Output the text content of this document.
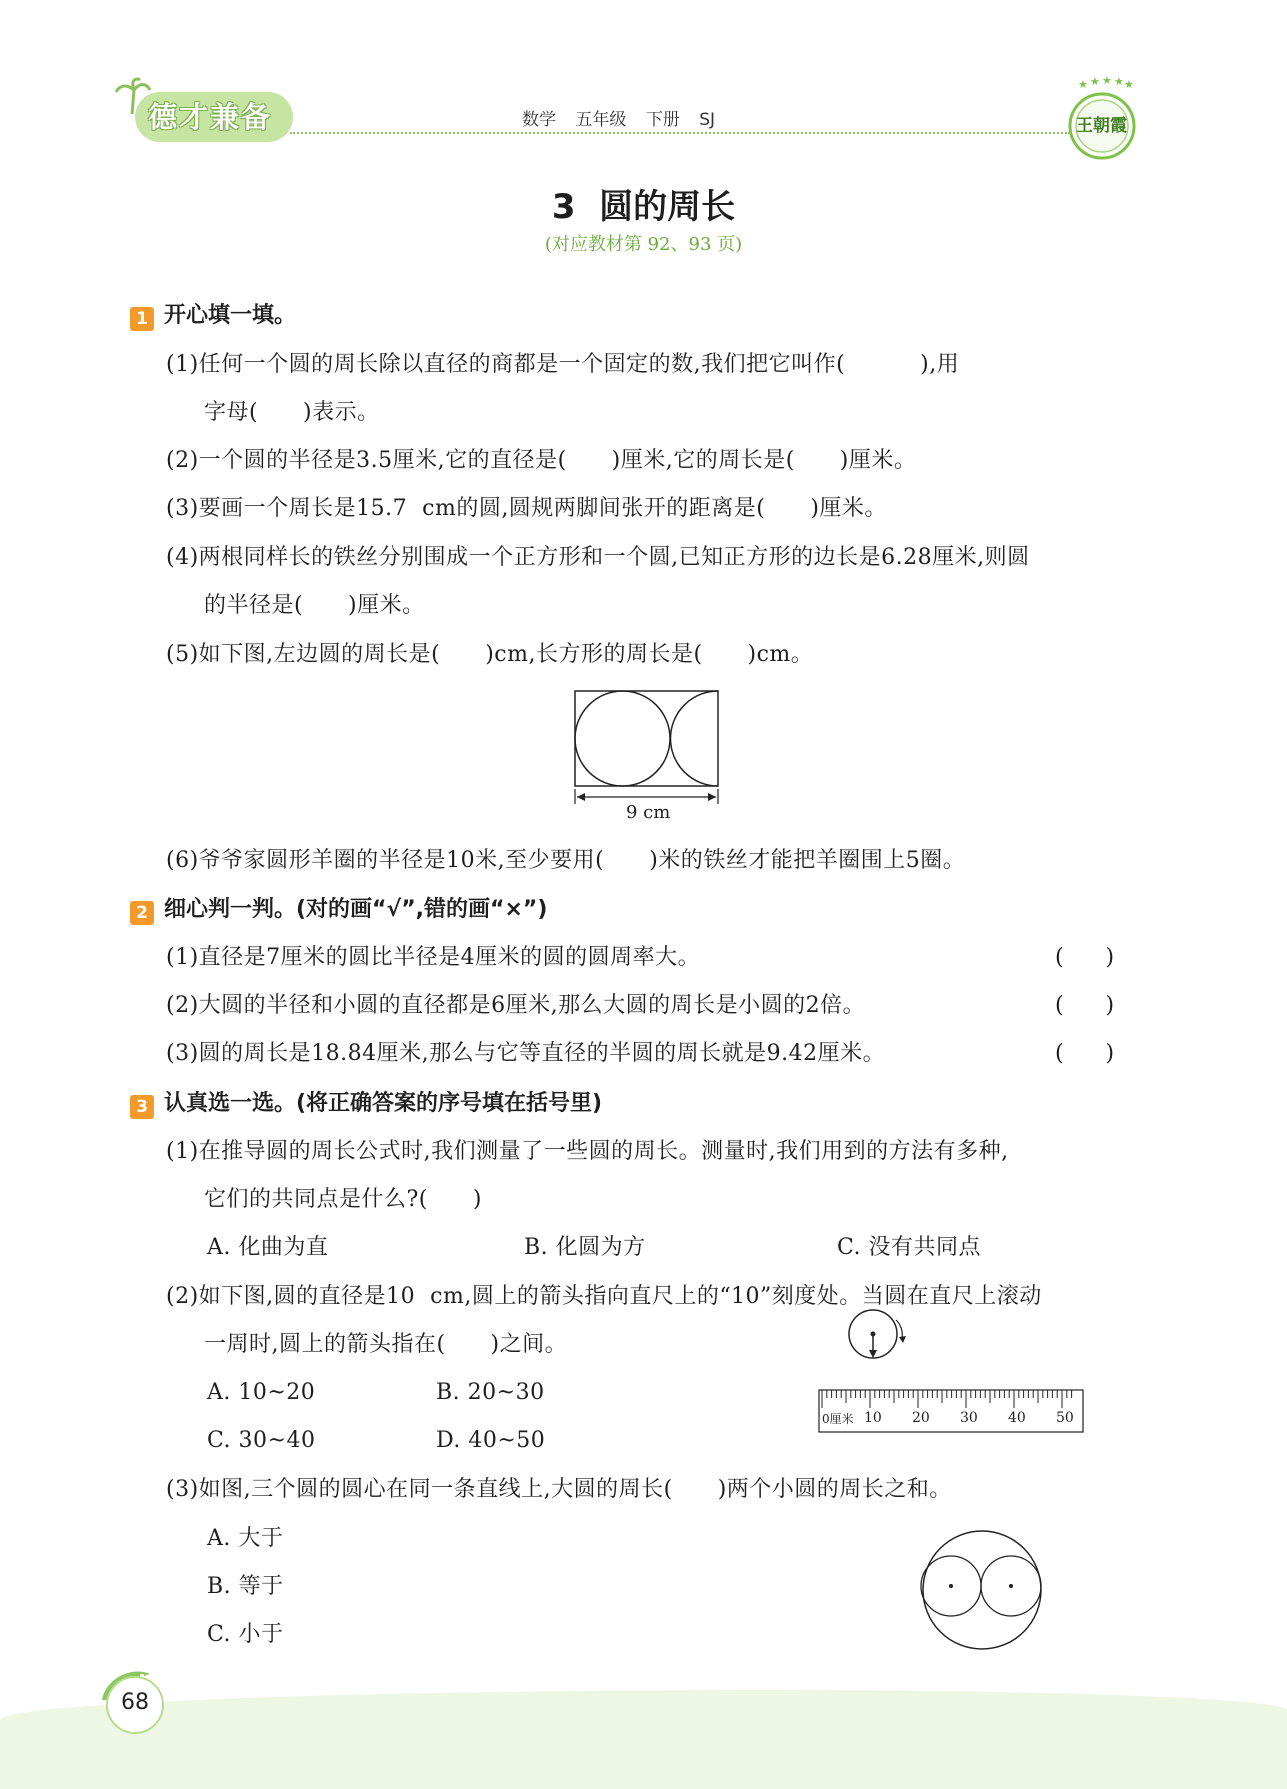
德才兼备	数学 五年级 下册 SJ
★ ★ ★ ★ ★
王朝霞
3  圆的周长
(对应教材第 92、93 页)
1 开心填一填。
(1)任何一个圆的周长除以直径的商都是一个固定的数,我们把它叫作(          ),用
字母(      )表示。
(2)一个圆的半径是3.5厘米,它的直径是(      )厘米,它的周长是(      )厘米。
(3)要画一个周长是15.7  cm的圆,圆规两脚间张开的距离是(      )厘米。
(4)两根同样长的铁丝分别围成一个正方形和一个圆,已知正方形的边长是6.28厘米,则圆
的半径是(      )厘米。
(5)如下图,左边圆的周长是(      )cm,长方形的周长是(      )cm。
9 cm
(6)爷爷家圆形羊圈的半径是10米,至少要用(      )米的铁丝才能把羊圈围上5圈。
2 细心判一判。(对的画“√”,错的画“×”)
(1)直径是7厘米的圆比半径是4厘米的圆的圆周率大。	(      )
(2)大圆的半径和小圆的直径都是6厘米,那么大圆的周长是小圆的2倍。	(      )
(3)圆的周长是18.84厘米,那么与它等直径的半圆的周长就是9.42厘米。	(      )
3 认真选一选。(将正确答案的序号填在括号里)
(1)在推导圆的周长公式时,我们测量了一些圆的周长。测量时,我们用到的方法有多种,
它们的共同点是什么?(      )
A. 化曲为直	B. 化圆为方	C. 没有共同点
(2)如下图,圆的直径是10  cm,圆上的箭头指向直尺上的“10”刻度处。当圆在直尺上滚动
一周时,圆上的箭头指在(      )之间。
A. 10~20	B. 20~30
C. 30~40	D. 40~50
0厘米 10 20 30 40 50
(3)如图,三个圆的圆心在同一条直线上,大圆的周长(      )两个小圆的周长之和。
A. 大于
B. 等于
C. 小于
68
